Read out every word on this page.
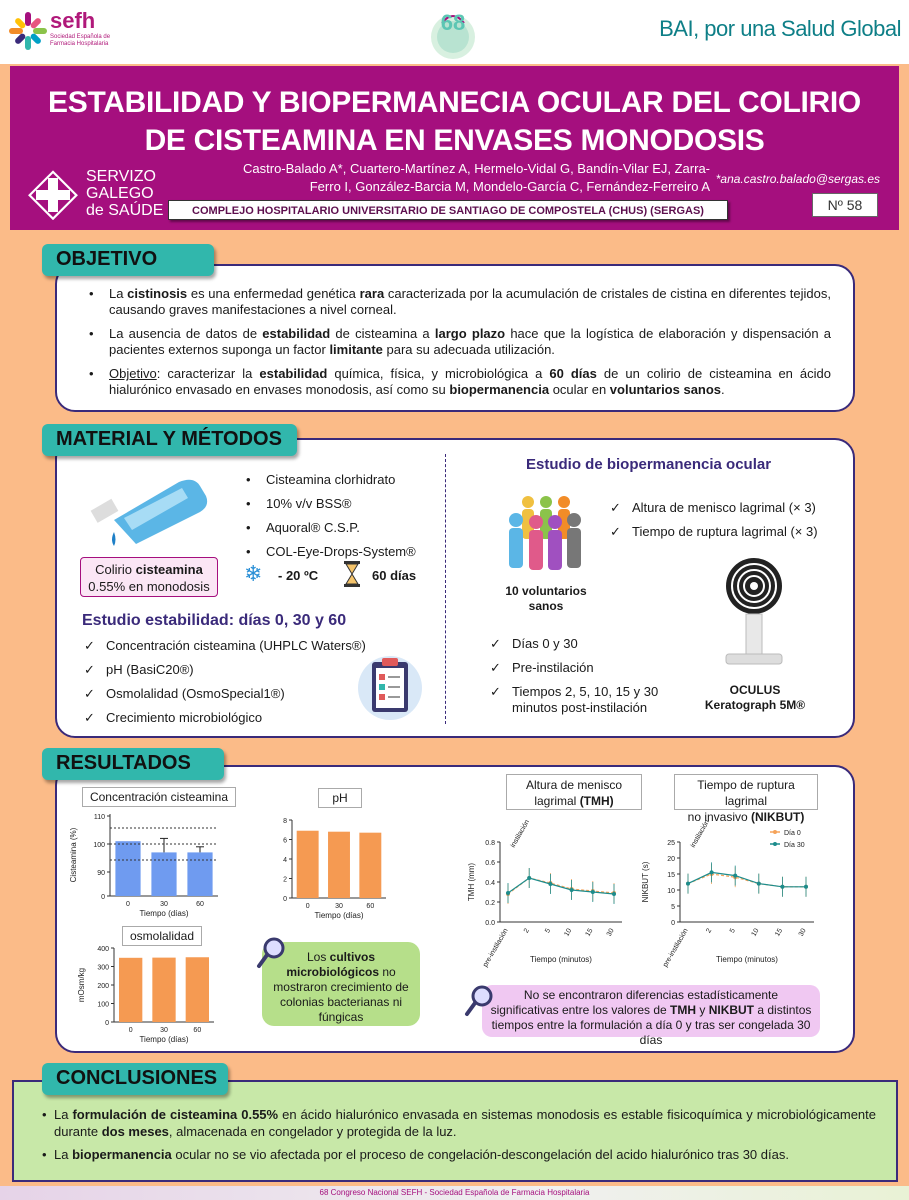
sefh
Sociedad Española de Farmacia Hospitalaria
68	BAI, por una Salud Global
ESTABILIDAD Y BIOPERMANECIA OCULAR DEL COLIRIO
DE CISTEAMINA EN ENVASES MONODOSIS
SERVIZO
GALEGO
de SAÚDE
Castro-Balado A*, Cuartero-Martínez A, Hermelo-Vidal G, Bandín-Vilar EJ, Zarra-
Ferro I, González-Barcia M, Mondelo-García C, Fernández-Ferreiro A *ana.castro.balado@sergas.es
COMPLEJO HOSPITALARIO UNIVERSITARIO DE SANTIAGO DE COMPOSTELA (CHUS) (SERGAS)	Nº 58
• La cistinosis es una enfermedad genética rara caracterizada por la acumulación de cristales de cistina en diferentes tejidos, causando graves manifestaciones a nivel corneal.
• La ausencia de datos de estabilidad de cisteamina a largo plazo hace que la logística de elaboración y dispensación a pacientes externos suponga un factor limitante para su adecuada utilización.
• Objetivo: caracterizar la estabilidad química, física, y microbiológica a 60 días de un colirio de cisteamina en ácido hialurónico envasado en envases monodosis, así como su biopermanencia ocular en voluntarios sanos.
OBJETIVO
MATERIAL Y MÉTODOS
Colirio cisteamina
0.55% en monodosis
• Cisteamina clorhidrato
• 10% v/v BSS®
• Aquoral® C.S.P.
• COL-Eye-Drops-System®
❄ - 20 ºC	60 días
Estudio estabilidad: días 0, 30 y 60
✓ Concentración cisteamina (UHPLC Waters®)
✓ pH (BasiC20®)
✓ Osmolalidad (OsmoSpecial1®)
✓ Crecimiento microbiológico
Estudio de biopermanencia ocular
10 voluntarios
sanos
✓ Altura de menisco lagrimal (× 3)
✓ Tiempo de ruptura lagrimal (× 3)
✓ Días 0 y 30
✓ Pre-instilación
✓ Tiempos 2, 5, 10, 15 y 30 minutos post-instilación
OCULUS
Keratograph 5M®
RESULTADOS
Concentración cisteamina	pH
osmolalidad
Altura de menisco
lagrimal (TMH)
Tiempo de ruptura lagrimal
no invasivo (NIKBUT)
0
90
100
110
0	30	60
Tiempo (días)
Cisteamina (%)
0
2
4
6
8
0	30	60
Tiempo (días)
0
100
200
300
400
0	30	60
Tiempo (días)
mOsm/kg
0.0
0.2
0.4
0.6
0.8
pre-instilación 2 5 10 15 30
instilación
Tiempo (minutos)
TMH (mm)
0
5
10
15
20
25
pre-instilación 2 5 10 15 30
instilación
Tiempo (minutos)
NIKBUT (s)
Día 0
Día 30
Los cultivos microbiológicos no mostraron crecimiento de colonias bacterianas ni fúngicas
No se encontraron diferencias estadísticamente significativas entre los valores de TMH y NIKBUT a distintos tiempos entre la formulación a día 0 y tras ser congelada 30 días
• La formulación de cisteamina 0.55% en ácido hialurónico envasada en sistemas monodosis es estable fisicoquímica y microbiológicamente durante dos meses, almacenada en congelador y protegida de la luz.
• La biopermanencia ocular no se vio afectada por el proceso de congelación-descongelación del acido hialurónico tras 30 días.
CONCLUSIONES
68 Congreso Nacional SEFH - Sociedad Española de Farmacia Hospitalaria
